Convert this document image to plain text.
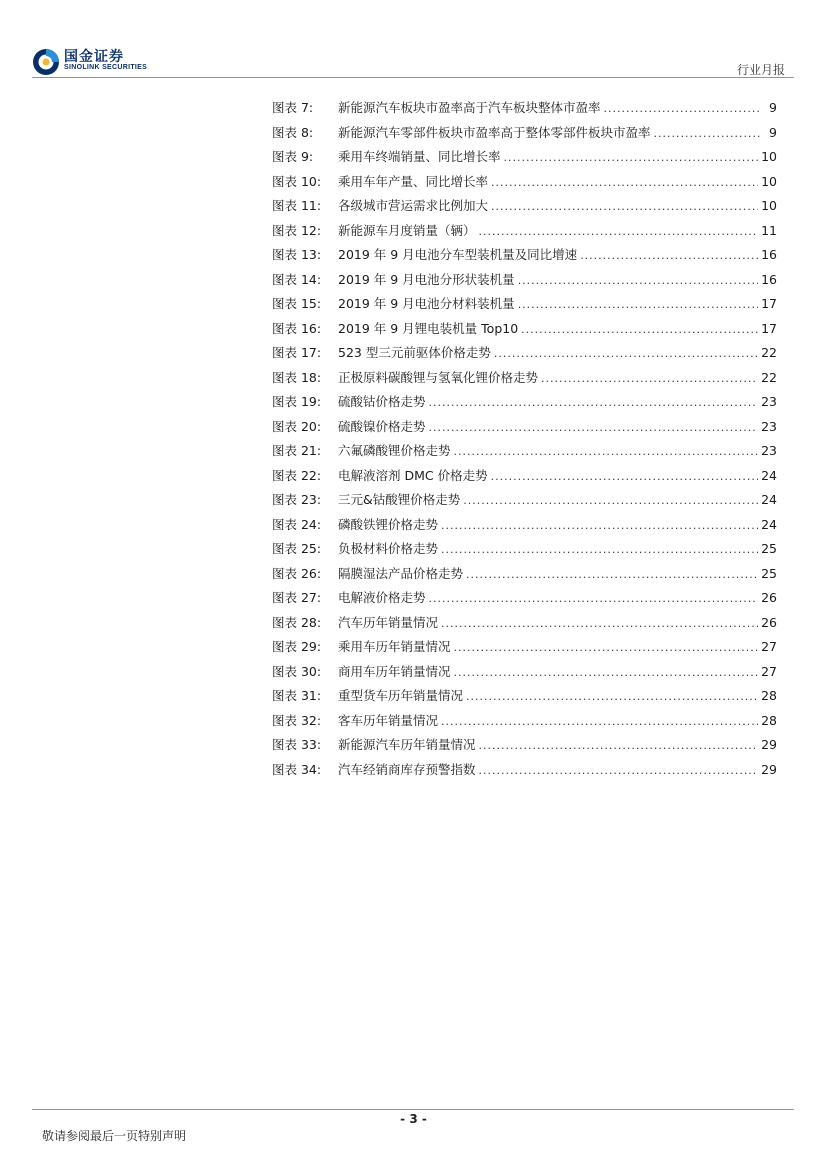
国金证券
SINOLINK SECURITIES	行业月报
图表 7:	新能源汽车板块市盈率高于汽车板块整体市盈率 .....	9
图表 8:	新能源汽车零部件板块市盈率高于整体零部件板块市盈率 .....	9
图表 9:	乘用车终端销量、同比增长率 .....	10
图表 10:	乘用车年产量、同比增长率 .....	10
图表 11:	各级城市营运需求比例加大 .....	10
图表 12:	新能源车月度销量（辆） .....	11
图表 13:	2019 年 9 月电池分车型装机量及同比增速 .....	16
图表 14:	2019 年 9 月电池分形状装机量 .....	16
图表 15:	2019 年 9 月电池分材料装机量 .....	17
图表 16:	2019 年 9 月锂电装机量 Top10 .....	17
图表 17:	523 型三元前驱体价格走势 .....	22
图表 18:	正极原料碳酸锂与氢氧化锂价格走势 .....	22
图表 19:	硫酸钴价格走势 .....	23
图表 20:	硫酸镍价格走势 .....	23
图表 21:	六氟磷酸锂价格走势 .....	23
图表 22:	电解液溶剂 DMC 价格走势 .....	24
图表 23:	三元&钴酸锂价格走势 .....	24
图表 24:	磷酸铁锂价格走势 .....	24
图表 25:	负极材料价格走势 .....	25
图表 26:	隔膜湿法产品价格走势 .....	25
图表 27:	电解液价格走势 .....	26
图表 28:	汽车历年销量情况 .....	26
图表 29:	乘用车历年销量情况 .....	27
图表 30:	商用车历年销量情况 .....	27
图表 31:	重型货车历年销量情况 .....	28
图表 32:	客车历年销量情况 .....	28
图表 33:	新能源汽车历年销量情况 .....	29
图表 34:	汽车经销商库存预警指数 .....	29
- 3 -
敬请参阅最后一页特别声明
